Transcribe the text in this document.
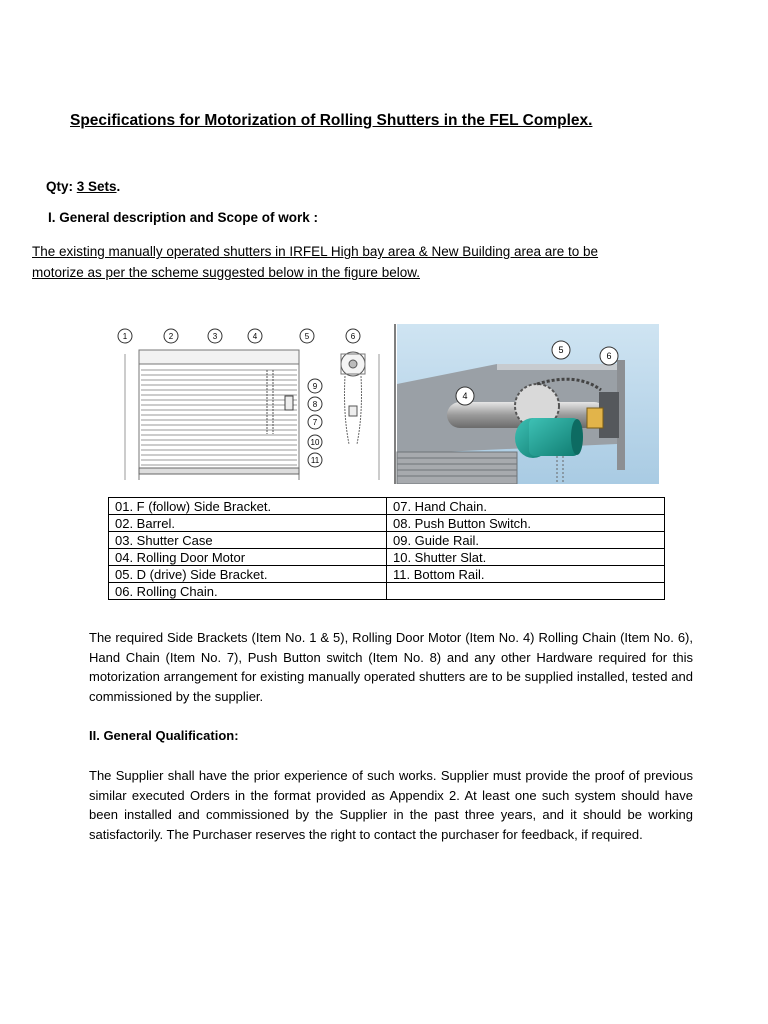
Specifications for Motorization of Rolling Shutters in the FEL Complex.
Qty: 3 Sets.
I. General description and Scope of work :
The existing manually operated shutters in IRFEL High bay area & New Building area are to be
motorize as per the scheme suggested below in the figure below.
1	2	3	4	5	6
9
8
7
10
11
4
5
6
01. F (follow) Side Bracket.	07. Hand Chain.
02. Barrel.	08. Push Button Switch.
03. Shutter Case	09. Guide Rail.
04. Rolling Door Motor	10. Shutter Slat.
05. D (drive) Side Bracket.	11. Bottom Rail.
06. Rolling Chain.	
The required Side Brackets (Item No. 1 & 5), Rolling Door Motor (Item No. 4) Rolling Chain (Item No. 6), Hand Chain (Item No. 7), Push Button switch (Item No. 8) and any other Hardware required for this motorization arrangement for existing manually operated shutters are to be supplied installed, tested and commissioned by the supplier.
II. General Qualification:
The Supplier shall have the prior experience of such works. Supplier must provide the proof of previous similar executed Orders in the format provided as Appendix 2. At least one such system should have been installed and commissioned by the Supplier in the past three years, and it should be working satisfactorily. The Purchaser reserves the right to contact the purchaser for feedback, if required.
